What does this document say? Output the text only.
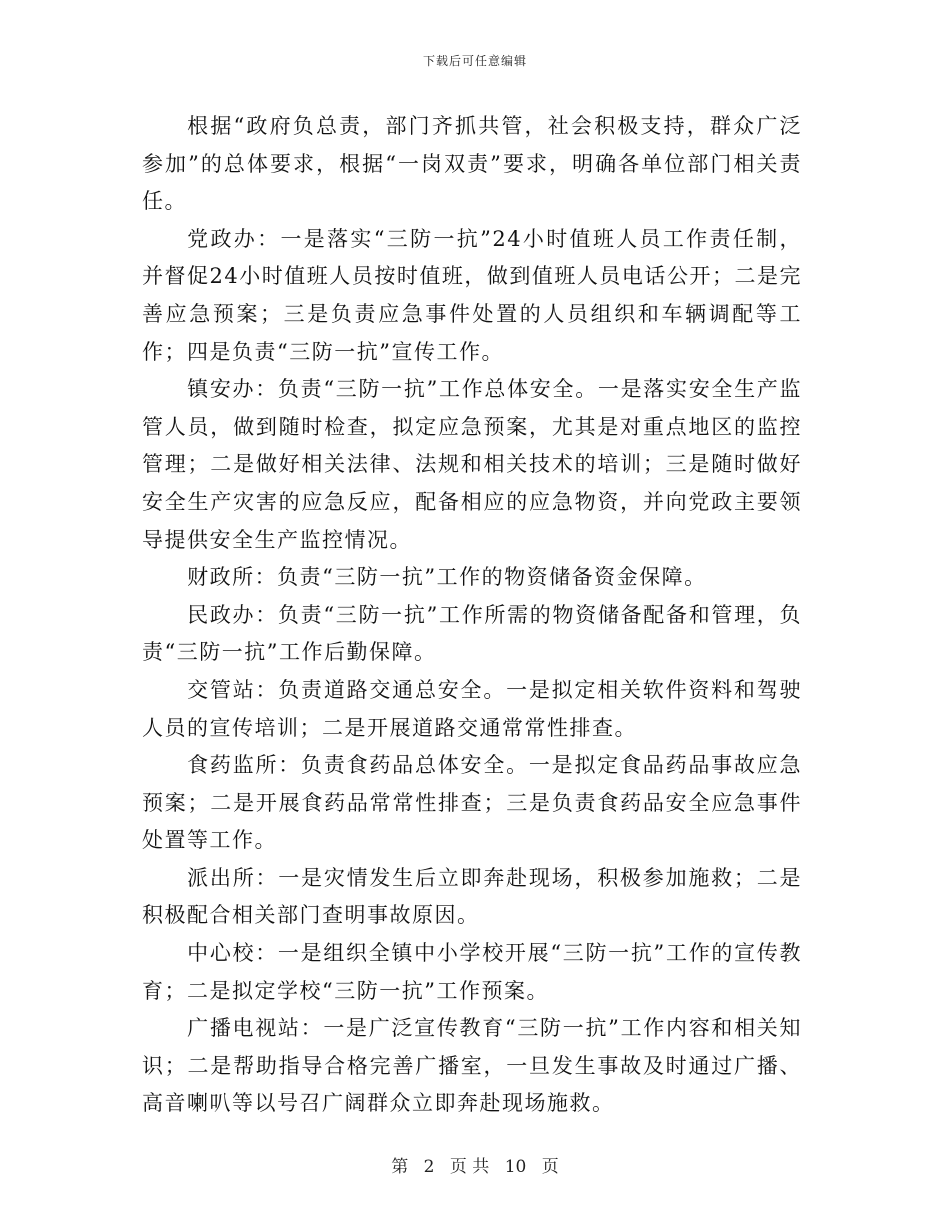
下载后可任意编辑

根据“政府负总责，部门齐抓共管，社会积极支持，群众广泛参加”的总体要求，根据“一岗双责”要求，明确各单位部门相关责任。

党政办：一是落实“三防一抗”24小时值班人员工作责任制，并督促24小时值班人员按时值班，做到值班人员电话公开；二是完善应急预案；三是负责应急事件处置的人员组织和车辆调配等工作；四是负责“三防一抗”宣传工作。

镇安办：负责“三防一抗”工作总体安全。一是落实安全生产监管人员，做到随时检查，拟定应急预案，尤其是对重点地区的监控管理；二是做好相关法律、法规和相关技术的培训；三是随时做好安全生产灾害的应急反应，配备相应的应急物资，并向党政主要领导提供安全生产监控情况。

财政所：负责“三防一抗”工作的物资储备资金保障。

民政办：负责“三防一抗”工作所需的物资储备配备和管理，负责“三防一抗”工作后勤保障。

交管站：负责道路交通总安全。一是拟定相关软件资料和驾驶人员的宣传培训；二是开展道路交通常常性排查。

食药监所：负责食药品总体安全。一是拟定食品药品事故应急预案；二是开展食药品常常性排查；三是负责食药品安全应急事件处置等工作。

派出所：一是灾情发生后立即奔赴现场，积极参加施救；二是积极配合相关部门查明事故原因。

中心校：一是组织全镇中小学校开展“三防一抗”工作的宣传教育；二是拟定学校“三防一抗”工作预案。

广播电视站：一是广泛宣传教育“三防一抗”工作内容和相关知识；二是帮助指导合格完善广播室，一旦发生事故及时通过广播、高音喇叭等以号召广阔群众立即奔赴现场施救。

第 2 页 共 10 页
